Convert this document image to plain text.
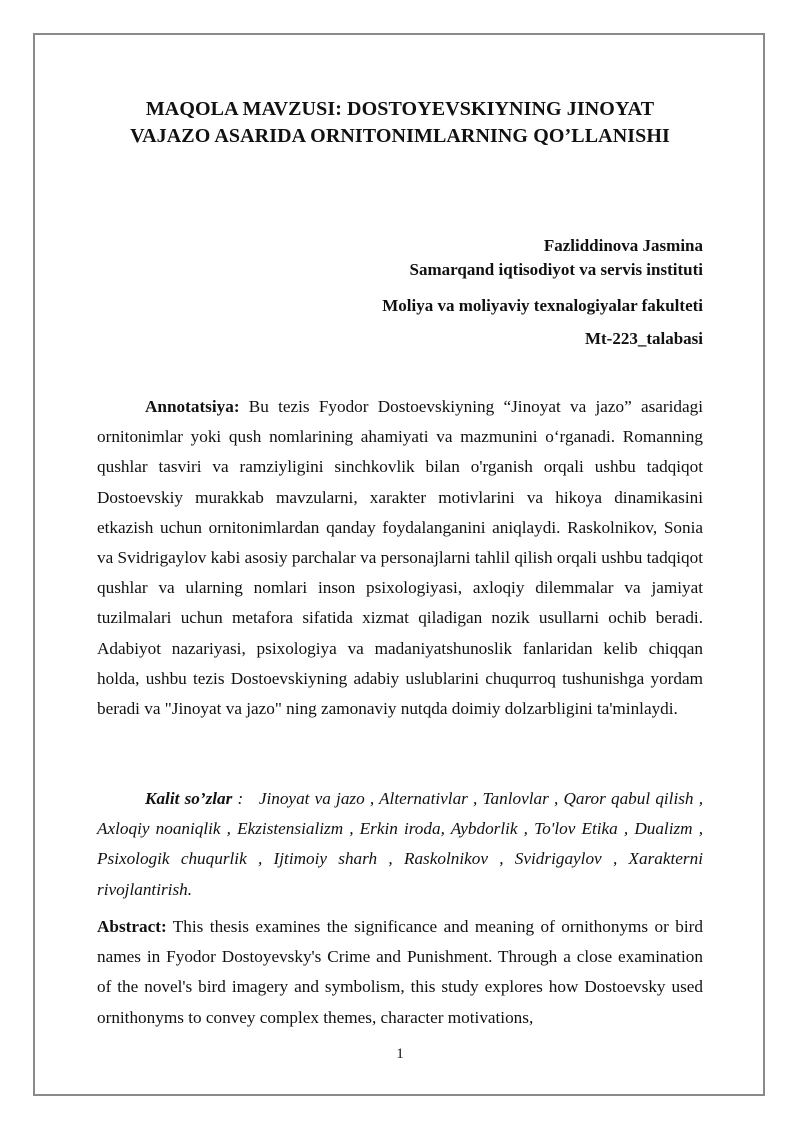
MAQOLA MAVZUSI: DOSTOYEVSKIYNING JINOYAT
VAJAZO ASARIDA ORNITONIMLARNING QO’LLANISHI
Fazliddinova Jasmina
Samarqand iqtisodiyot va servis instituti
Moliya va moliyaviy texnalogiyalar fakulteti
Mt-223_talabasi

Annotatsiya: Bu tezis Fyodor Dostoevskiyning “Jinoyat va jazo” asaridagi ornitonimlar yoki qush nomlarining ahamiyati va mazmunini o‘rganadi. Romanning qushlar tasviri va ramziyligini sinchkovlik bilan o'rganish orqali ushbu tadqiqot Dostoevskiy murakkab mavzularni, xarakter motivlarini va hikoya dinamikasini etkazish uchun ornitonimlardan qanday foydalanganini aniqlaydi. Raskolnikov, Sonia va Svidrigaylov kabi asosiy parchalar va personajlarni tahlil qilish orqali ushbu tadqiqot qushlar va ularning nomlari inson psixologiyasi, axloqiy dilemmalar va jamiyat tuzilmalari uchun metafora sifatida xizmat qiladigan nozik usullarni ochib beradi. Adabiyot nazariyasi, psixologiya va madaniyatshunoslik fanlaridan kelib chiqqan holda, ushbu tezis Dostoevskiyning adabiy uslublarini chuqurroq tushunishga yordam beradi va "Jinoyat va jazo" ning zamonaviy nutqda doimiy dolzarbligini ta'minlaydi.

Kalit so’zlar :   Jinoyat va jazo , Alternativlar , Tanlovlar , Qaror qabul qilish , Axloqiy noaniqlik , Ekzistensializm , Erkin iroda, Aybdorlik , To'lov Etika , Dualizm , Psixologik chuqurlik , Ijtimoiy sharh , Raskolnikov , Svidrigaylov , Xarakterni rivojlantirish.

Abstract: This thesis examines the significance and meaning of ornithonyms or bird names in Fyodor Dostoyevsky's Crime and Punishment. Through a close examination of the novel's bird imagery and symbolism, this study explores how Dostoevsky used ornithonyms to convey complex themes, character motivations,

1
